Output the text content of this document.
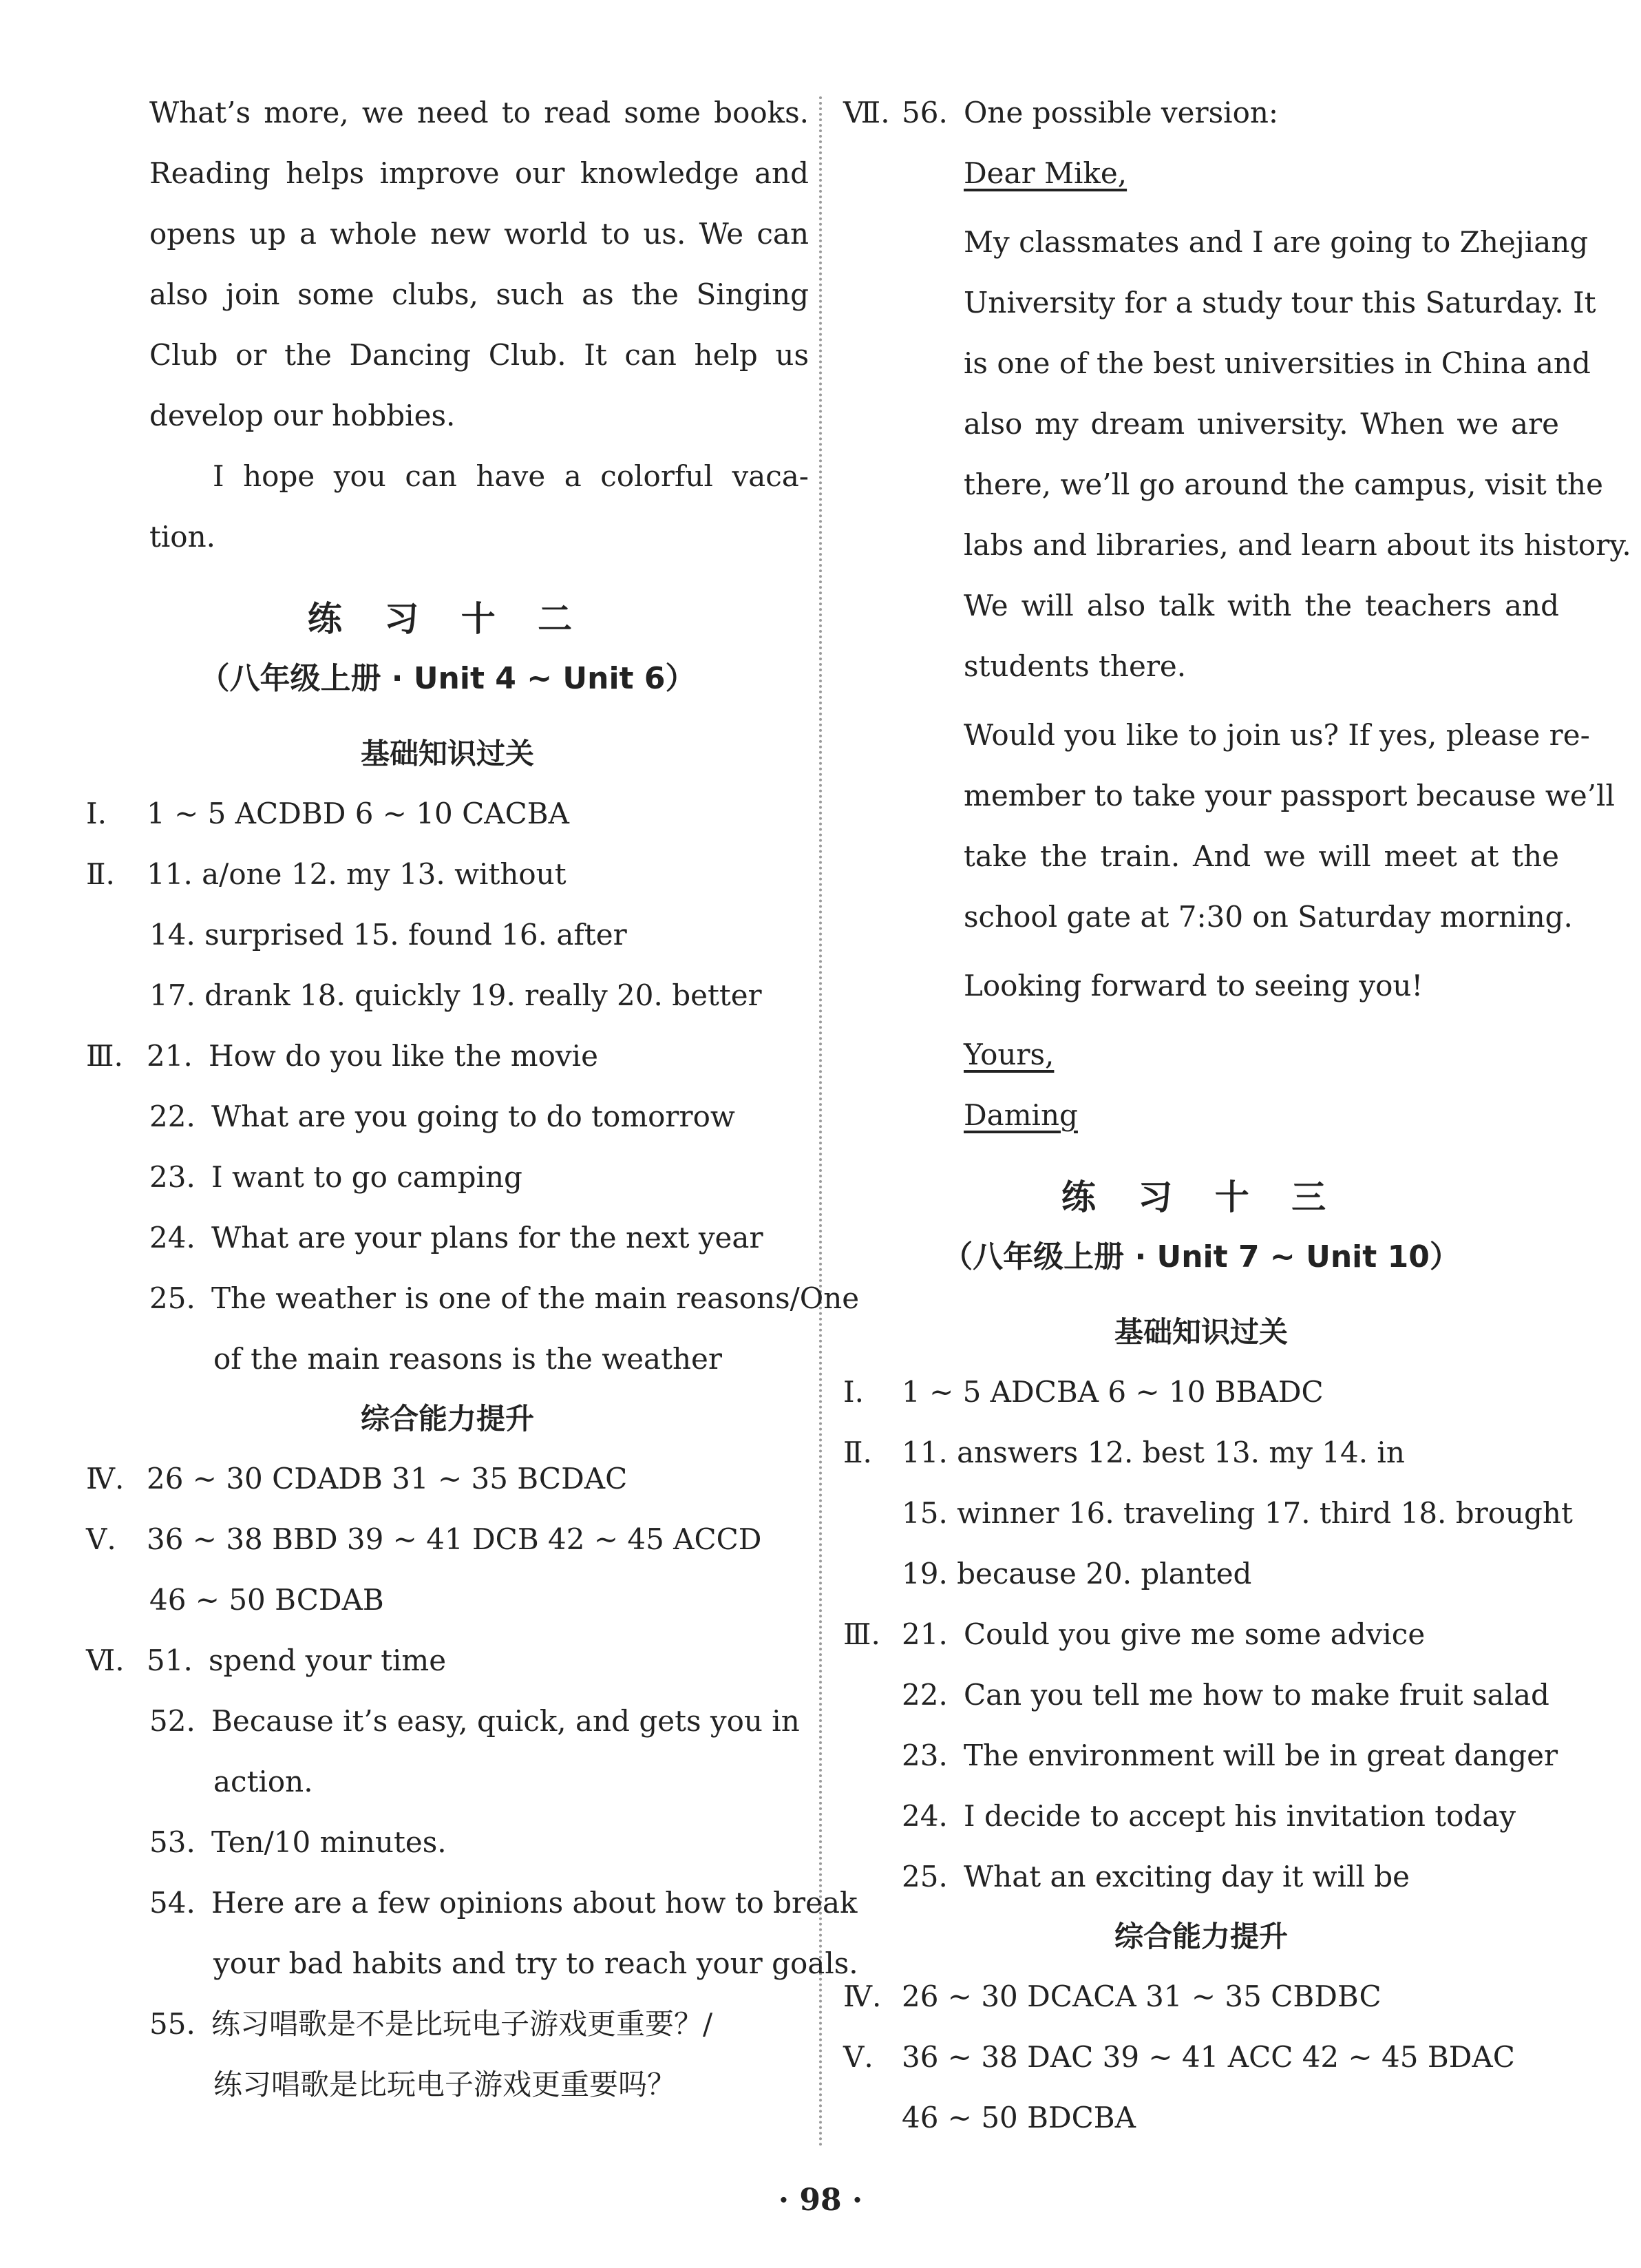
What’s more, we need to read some books.
Reading helps improve our knowledge and
opens up a whole new world to us. We can
also join some clubs, such as the Singing
Club or the Dancing Club. It can help us
develop our hobbies.
I hope you can have a colorful vaca-
tion.
练 习 十 二
（八年级上册 · Unit 4 ~ Unit 6）
基础知识过关
Ⅰ. 1 ~ 5 ACDBD 6 ~ 10 CACBA
Ⅱ. 11. a/one 12. my 13. without
14. surprised 15. found 16. after
17. drank 18. quickly 19. really 20. better
Ⅲ. 21. How do you like the movie
22. What are you going to do tomorrow
23. I want to go camping
24. What are your plans for the next year
25. The weather is one of the main reasons/One
of the main reasons is the weather
综合能力提升
Ⅳ. 26 ~ 30 CDADB 31 ~ 35 BCDAC
Ⅴ. 36 ~ 38 BBD 39 ~ 41 DCB 42 ~ 45 ACCD
46 ~ 50 BCDAB
Ⅵ. 51. spend your time
52. Because it’s easy, quick, and gets you in
action.
53. Ten/10 minutes.
54. Here are a few opinions about how to break
your bad habits and try to reach your goals.
55. 练习唱歌是不是比玩电子游戏更重要？/
练习唱歌是比玩电子游戏更重要吗？
Ⅶ. 56. One possible version:
Dear Mike,
My classmates and I are going to Zhejiang
University for a study tour this Saturday. It
is one of the best universities in China and
also my dream university. When we are
there, we’ll go around the campus, visit the
labs and libraries, and learn about its history.
We will also talk with the teachers and
students there.
Would you like to join us? If yes, please re-
member to take your passport because we’ll
take the train. And we will meet at the
school gate at 7:30 on Saturday morning.
Looking forward to seeing you!
Yours,
Daming
练 习 十 三
（八年级上册 · Unit 7 ~ Unit 10）
基础知识过关
Ⅰ. 1 ~ 5 ADCBA 6 ~ 10 BBADC
Ⅱ. 11. answers 12. best 13. my 14. in
15. winner 16. traveling 17. third 18. brought
19. because 20. planted
Ⅲ. 21. Could you give me some advice
22. Can you tell me how to make fruit salad
23. The environment will be in great danger
24. I decide to accept his invitation today
25. What an exciting day it will be
综合能力提升
Ⅳ. 26 ~ 30 DCACA 31 ~ 35 CBDBC
Ⅴ. 36 ~ 38 DAC 39 ~ 41 ACC 42 ~ 45 BDAC
46 ~ 50 BDCBA
· 98 ·
